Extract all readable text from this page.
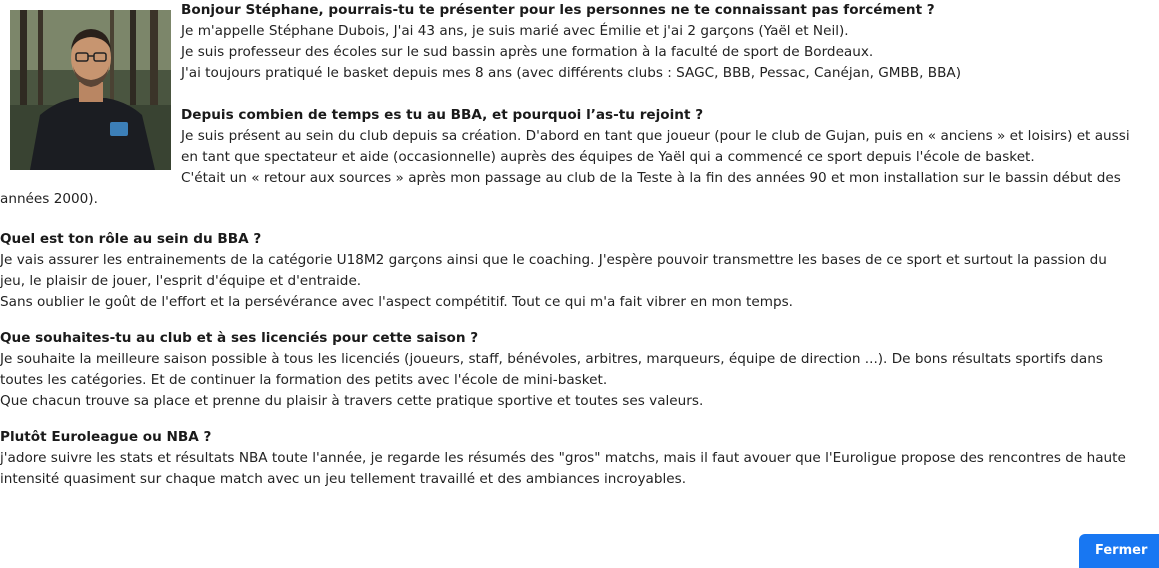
Bonjour Stéphane, pourrais-tu te présenter pour les personnes ne te connaissant pas forcément ?

Je m'appelle Stéphane Dubois, J'ai 43 ans, je suis marié avec Émilie et j'ai 2 garçons (Yaël et Neil).

Je suis professeur des écoles sur le sud bassin après une formation à la faculté de sport de Bordeaux.

J'ai toujours pratiqué le basket depuis mes 8 ans (avec différents clubs : SAGC, BBB, Pessac, Canéjan, GMBB, BBA)

Depuis combien de temps es tu au BBA, et pourquoi l’as-tu rejoint ?

Je suis présent au sein du club depuis sa création. D'abord en tant que joueur (pour le club de Gujan, puis en « anciens » et loisirs) et aussi en tant que spectateur et aide (occasionnelle) auprès des équipes de Yaël qui a commencé ce sport depuis l'école de basket.

C'était un « retour aux sources » après mon passage au club de la Teste à la fin des années 90 et mon installation sur le bassin début des années 2000).

Quel est ton rôle au sein du BBA ?

Je vais assurer les entrainements de la catégorie U18M2 garçons ainsi que le coaching. J'espère pouvoir transmettre les bases de ce sport et surtout la passion du jeu, le plaisir de jouer, l'esprit d'équipe et d'entraide.

Sans oublier le goût de l'effort et la persévérance avec l'aspect compétitif. Tout ce qui m'a fait vibrer en mon temps.

Que souhaites-tu au club et à ses licenciés pour cette saison ?

Je souhaite la meilleure saison possible à tous les licenciés (joueurs, staff, bénévoles, arbitres, marqueurs, équipe de direction ...). De bons résultats sportifs dans toutes les catégories. Et de continuer la formation des petits avec l'école de mini-basket.

Que chacun trouve sa place et prenne du plaisir à travers cette pratique sportive et toutes ses valeurs.

Plutôt Euroleague ou NBA ?

j'adore suivre les stats et résultats NBA toute l'année, je regarde les résumés des "gros" matchs, mais il faut avouer que l'Euroligue propose des rencontres de haute intensité quasiment sur chaque match avec un jeu tellement travaillé et des ambiances incroyables.

Fermer
